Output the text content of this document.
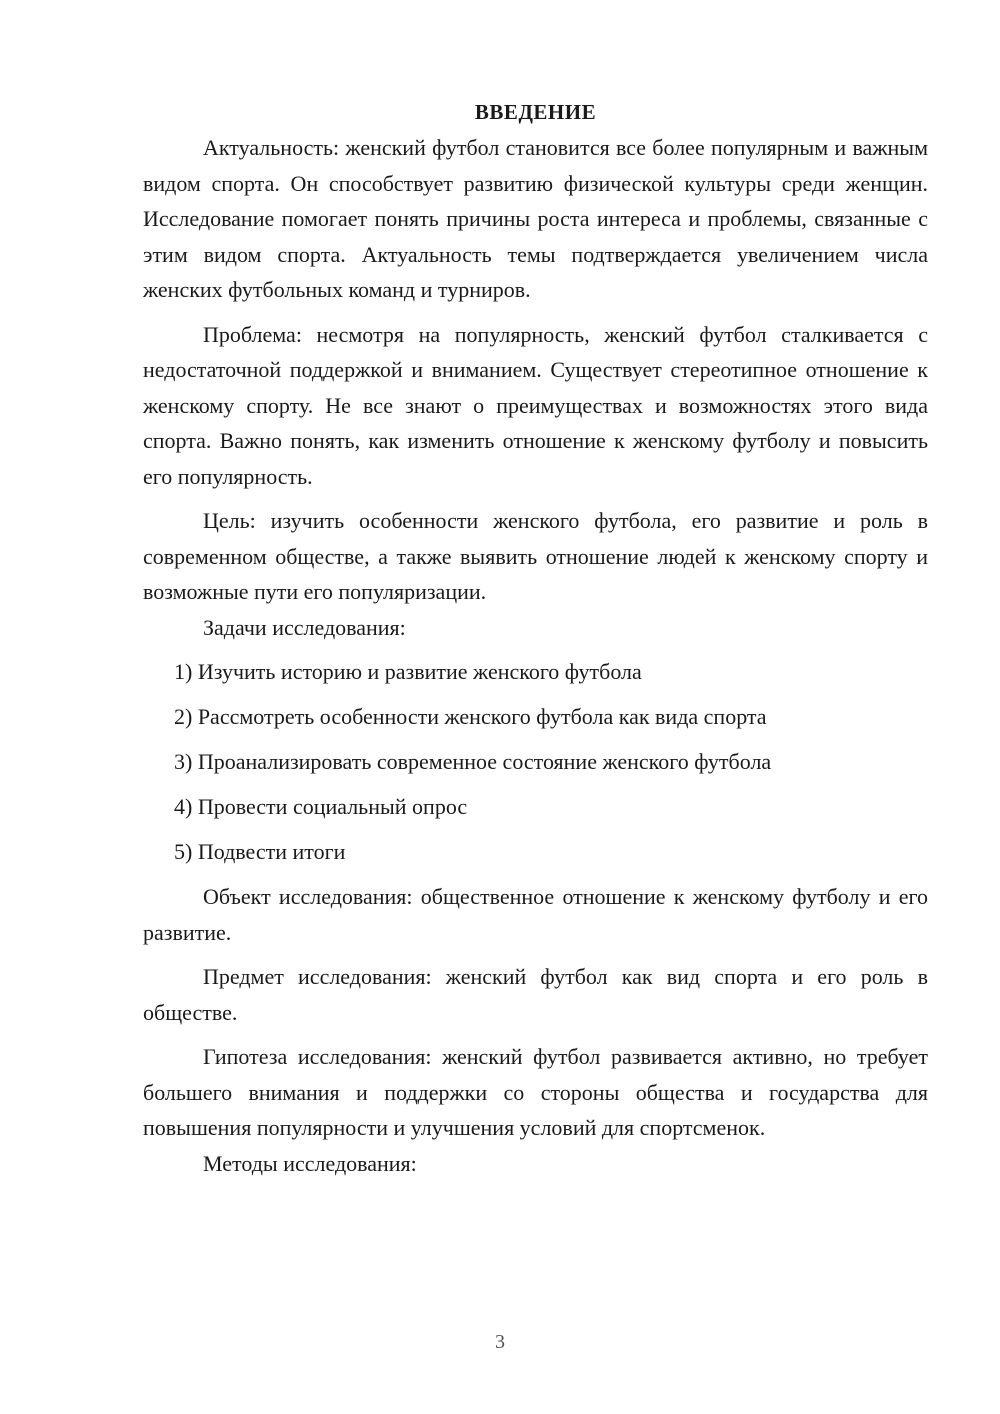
ВВЕДЕНИЕ

Актуальность: женский футбол становится все более популярным и важным видом спорта. Он способствует развитию физической культуры среди женщин. Исследование помогает понять причины роста интереса и проблемы, связанные с этим видом спорта. Актуальность темы подтверждается увеличением числа женских футбольных команд и турниров.

Проблема: несмотря на популярность, женский футбол сталкивается с недостаточной поддержкой и вниманием. Существует стереотипное отношение к женскому спорту. Не все знают о преимуществах и возможностях этого вида спорта. Важно понять, как изменить отношение к женскому футболу и повысить его популярность.

Цель: изучить особенности женского футбола, его развитие и роль в современном обществе, а также выявить отношение людей к женскому спорту и возможные пути его популяризации.

Задачи исследования:

1) Изучить историю и развитие женского футбола

2) Рассмотреть особенности женского футбола как вида спорта

3) Проанализировать современное состояние женского футбола

4) Провести социальный опрос

5) Подвести итоги

Объект исследования: общественное отношение к женскому футболу и его развитие.

Предмет исследования: женский футбол как вид спорта и его роль в обществе.

Гипотеза исследования: женский футбол развивается активно, но требует большего внимания и поддержки со стороны общества и государства для повышения популярности и улучшения условий для спортсменок.

Методы исследования:

3
